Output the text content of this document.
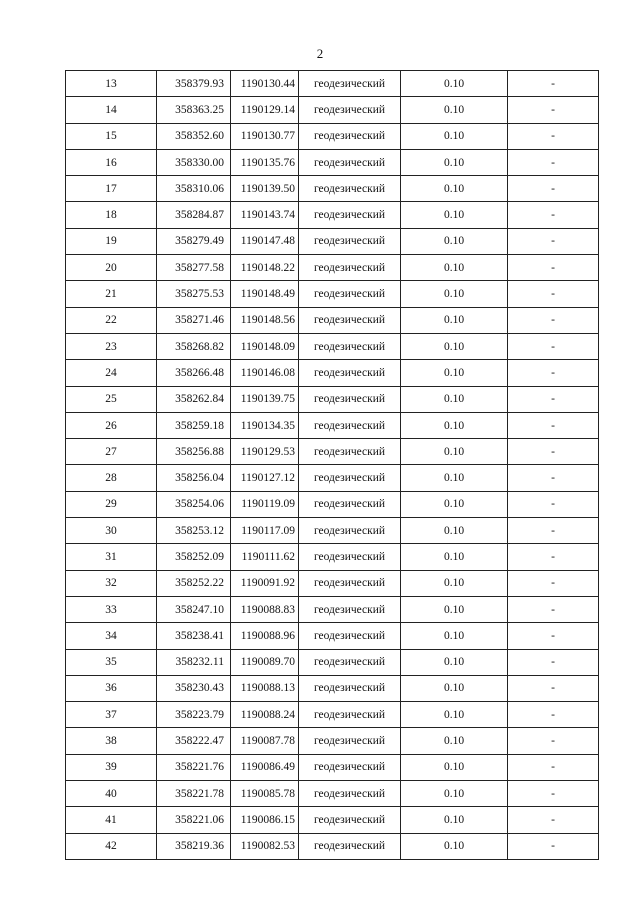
2
13	358379.93	1190130.44	геодезический	0.10	-
14	358363.25	1190129.14	геодезический	0.10	-
15	358352.60	1190130.77	геодезический	0.10	-
16	358330.00	1190135.76	геодезический	0.10	-
17	358310.06	1190139.50	геодезический	0.10	-
18	358284.87	1190143.74	геодезический	0.10	-
19	358279.49	1190147.48	геодезический	0.10	-
20	358277.58	1190148.22	геодезический	0.10	-
21	358275.53	1190148.49	геодезический	0.10	-
22	358271.46	1190148.56	геодезический	0.10	-
23	358268.82	1190148.09	геодезический	0.10	-
24	358266.48	1190146.08	геодезический	0.10	-
25	358262.84	1190139.75	геодезический	0.10	-
26	358259.18	1190134.35	геодезический	0.10	-
27	358256.88	1190129.53	геодезический	0.10	-
28	358256.04	1190127.12	геодезический	0.10	-
29	358254.06	1190119.09	геодезический	0.10	-
30	358253.12	1190117.09	геодезический	0.10	-
31	358252.09	1190111.62	геодезический	0.10	-
32	358252.22	1190091.92	геодезический	0.10	-
33	358247.10	1190088.83	геодезический	0.10	-
34	358238.41	1190088.96	геодезический	0.10	-
35	358232.11	1190089.70	геодезический	0.10	-
36	358230.43	1190088.13	геодезический	0.10	-
37	358223.79	1190088.24	геодезический	0.10	-
38	358222.47	1190087.78	геодезический	0.10	-
39	358221.76	1190086.49	геодезический	0.10	-
40	358221.78	1190085.78	геодезический	0.10	-
41	358221.06	1190086.15	геодезический	0.10	-
42	358219.36	1190082.53	геодезический	0.10	-
